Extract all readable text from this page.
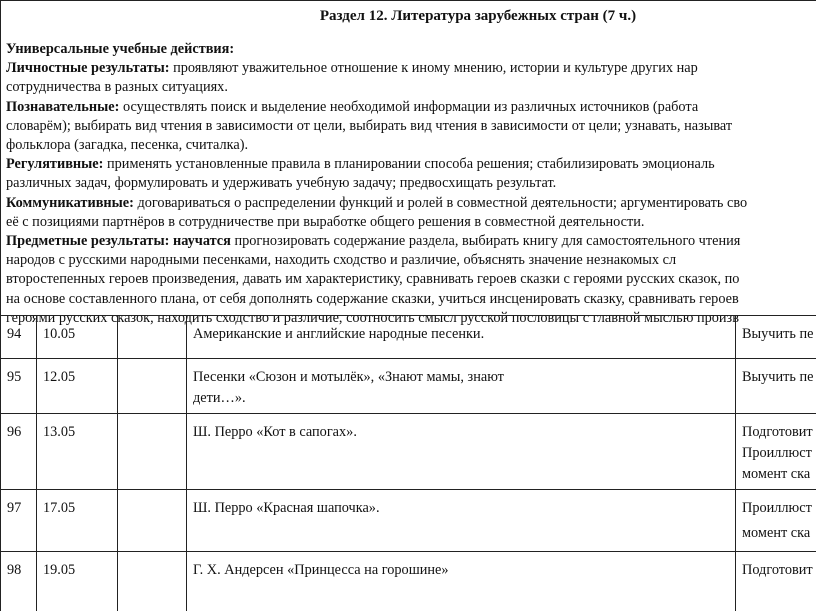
Раздел 12. Литература зарубежных стран (7 ч.)

Универсальные учебные действия:

Личностные результаты: проявляют уважительное отношение к иному мнению, истории и культуре других нар

сотрудничества в разных ситуациях.

Познавательные: осуществлять поиск и выделение необходимой информации из различных источников (работа

словарём); выбирать вид чтения в зависимости от цели, выбирать вид чтения в зависимости от цели; узнавать, называт

фольклора (загадка, песенка, считалка).

Регулятивные: применять установленные правила в планировании способа решения; стабилизировать эмоциональ

различных задач, формулировать и удерживать учебную задачу; предвосхищать результат.

Коммуникативные: договариваться о распределении функций и ролей в совместной деятельности; аргументировать сво

её с позициями партнёров в сотрудничестве при выработке общего решения в совместной деятельности.

Предметные результаты: научатся прогнозировать содержание раздела, выбирать книгу для самостоятельного чтения

народов с русскими народными песенками, находить сходство и различие, объяснять значение незнакомых сл

второстепенных героев произведения, давать им характеристику, сравнивать героев сказки с героями русских сказок, по

на основе составленного плана, от себя дополнять содержание сказки, учиться инсценировать сказку, сравнивать героев

героями русских сказок, находить сходство и различие, соотносить смысл русской пословицы с главной мыслью произв

94	10.05		Американские и английские народные песенки.	Выучить пе

95	12.05		Песенки «Сюзон и мотылёк», «Знают мамы, знают
дети…».	Выучить пе

96	13.05		Ш. Перро «Кот в сапогах».	Подготовит
Проиллюст
момент ска

97	17.05		Ш. Перро «Красная шапочка».	Проиллюст
момент ска

98	19.05		Г. Х. Андерсен «Принцесса на горошине»	Подготовит
